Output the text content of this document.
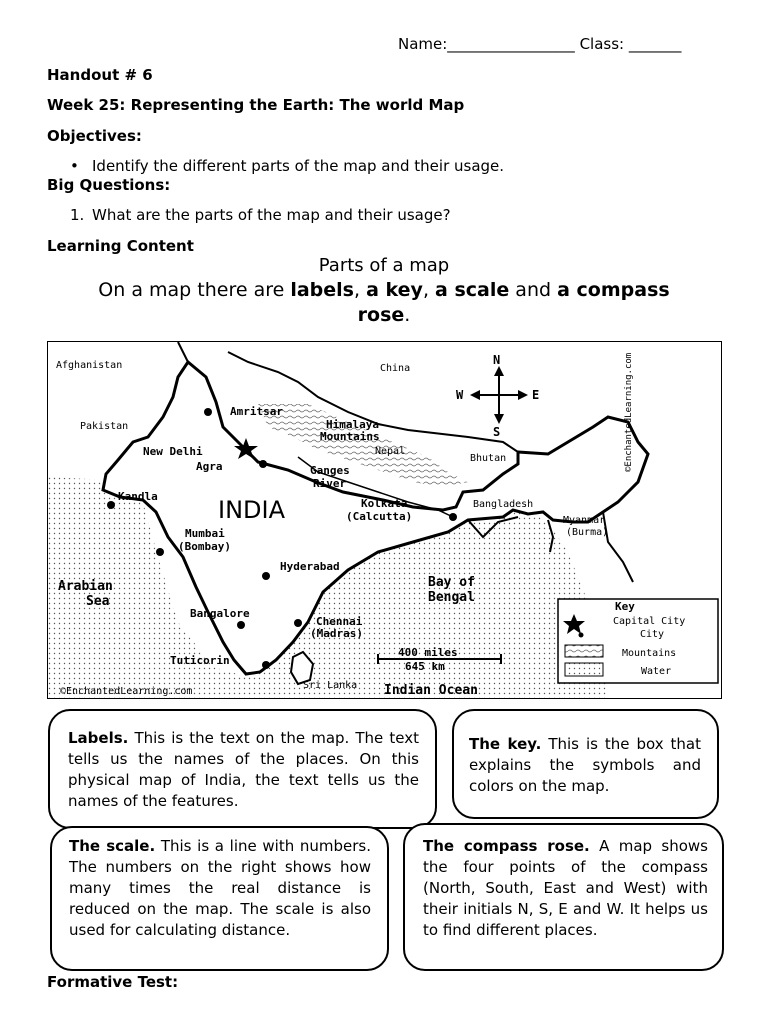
Name:_________________ Class: _______
Handout # 6
Week 25: Representing the Earth: The world Map
Objectives:
• Identify the different parts of the map and their usage.
Big Questions:
1. What are the parts of the map and their usage?
Learning Content
Parts of a map
On a map there are labels, a key, a scale and a compass
rose.
Afghanistan	China
Pakistan
Amritsar
Himalaya
Mountains
Nepal
Bhutan
New Delhi
Agra	Ganges
River
Kandla	INDIA	Kolkata
(Calcutta)
Bangladesh
Myanmar
(Burma)
Mumbai
(Bombay)
Hyderabad
Arabian
Sea
Bay of
Bengal
Bangalore
Chennai
(Madras)
Tuticorin
Sri Lanka Indian Ocean
©EnchantedLearning.com
©EnchantedLearning.com
400 miles
645 km
N
S
W	E
Key
Capital City
City
Mountains
Water
Labels. This is the text on the map. The text tells us the names of the places. On this physical map of India, the text tells us the names of the features.
The key. This is the box that explains the symbols and colors on the map.
The scale. This is a line with numbers. The numbers on the right shows how many times the real distance is reduced on the map. The scale is also used for calculating distance.
The compass rose. A map shows the four points of the compass (North, South, East and West) with their initials N, S, E and W. It helps us to find different places.
Formative Test:
